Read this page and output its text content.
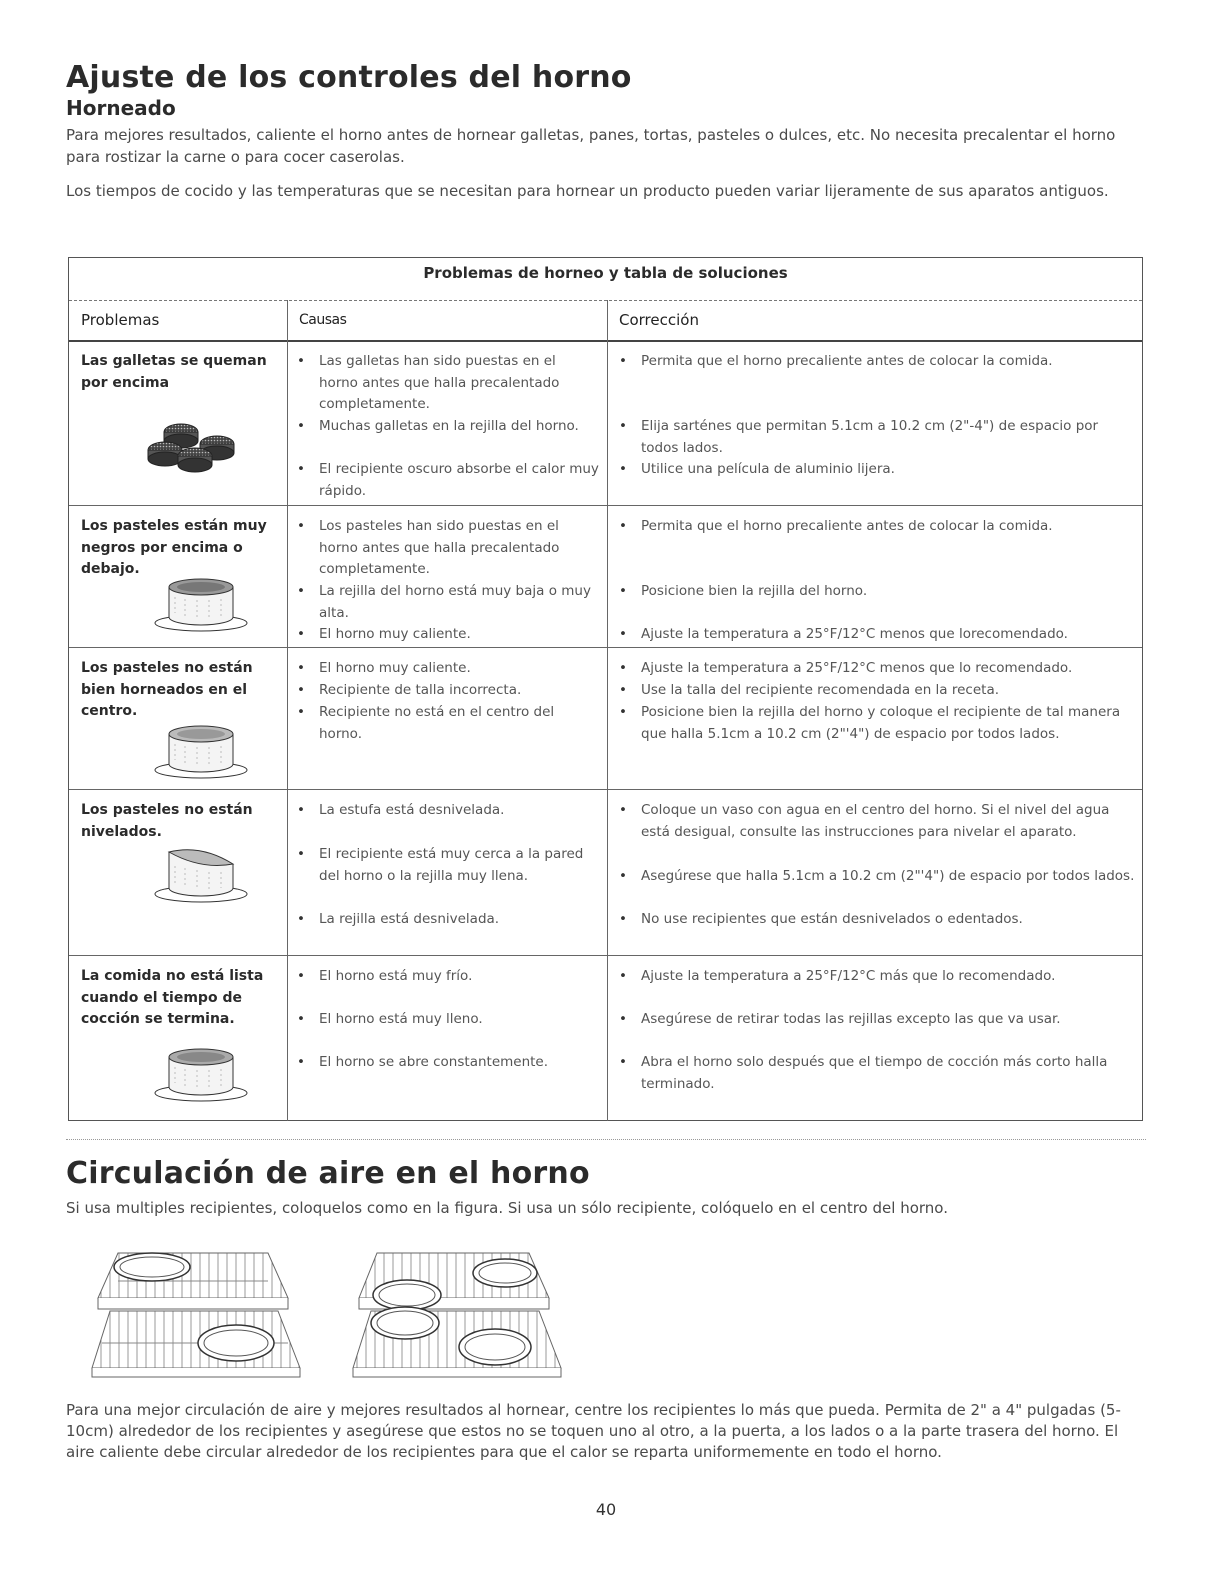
Ajuste de los controles del horno
Horneado

Para mejores resultados, caliente el horno antes de hornear galletas, panes, tortas, pasteles o dulces, etc. No necesita precalentar el horno para rostizar la carne o para cocer caserolas.

Los tiempos de cocido y las temperaturas que se necesitan para hornear un producto pueden variar lijeramente de sus aparatos antiguos.

Problemas de horneo y tabla de soluciones
Problemas	Causas	Corrección
Las galletas se queman por encima
• Las galletas han sido puestas en el horno antes que halla precalentado completamente.
• Muchas galletas en la rejilla del horno.
• El recipiente oscuro absorbe el calor muy rápido.
• Permita que el horno precaliente antes de colocar la comida.
• Elija sarténes que permitan 5.1cm a 10.2 cm (2"-4") de espacio por todos lados.
• Utilice una película de aluminio lijera.
Los pasteles están muy negros por encima o debajo.
• Los pasteles han sido puestas en el horno antes que halla precalentado completamente.
• La rejilla del horno está muy baja o muy alta.
• El horno muy caliente.
• Permita que el horno precaliente antes de colocar la comida.
• Posicione bien la rejilla del horno.
• Ajuste la temperatura a 25°F/12°C menos que lorecomendado.
Los pasteles no están bien horneados en el centro.
• El horno muy caliente.
• Recipiente de talla incorrecta.
• Recipiente no está en el centro del horno.
• Ajuste la temperatura a 25°F/12°C menos que lo recomendado.
• Use la talla del recipiente recomendada en la receta.
• Posicione bien la rejilla del horno y coloque el recipiente de tal manera que halla 5.1cm a 10.2 cm (2"'4") de espacio por todos lados.
Los pasteles no están nivelados.
• La estufa está desnivelada.
• El recipiente está muy cerca a la pared del horno o la rejilla muy llena.
• La rejilla está desnivelada.
• Coloque un vaso con agua en el centro del horno. Si el nivel del agua está desigual, consulte las instrucciones para nivelar el aparato.
• Asegúrese que halla 5.1cm a 10.2 cm (2"'4") de espacio por todos lados.
• No use recipientes que están desnivelados o edentados.
La comida no está lista cuando el tiempo de cocción se termina.
• El horno está muy frío.
• El horno está muy lleno.
• El horno se abre constantemente.
• Ajuste la temperatura a 25°F/12°C más que lo recomendado.
• Asegúrese de retirar todas las rejillas excepto las que va usar.
• Abra el horno solo después que el tiempo de cocción más corto halla terminado.
Circulación de aire en el horno

Si usa multiples recipientes, coloquelos como en la figura. Si usa un sólo recipiente, colóquelo en el centro del horno.

Para una mejor circulación de aire y mejores resultados al hornear, centre los recipientes lo más que pueda. Permita de 2" a 4" pulgadas (5-10cm) alrededor de los recipientes y asegúrese que estos no se toquen uno al otro, a la puerta, a los lados o a la parte trasera del horno. El aire caliente debe circular alrededor de los recipientes para que el calor se reparta uniformemente en todo el horno.

40
